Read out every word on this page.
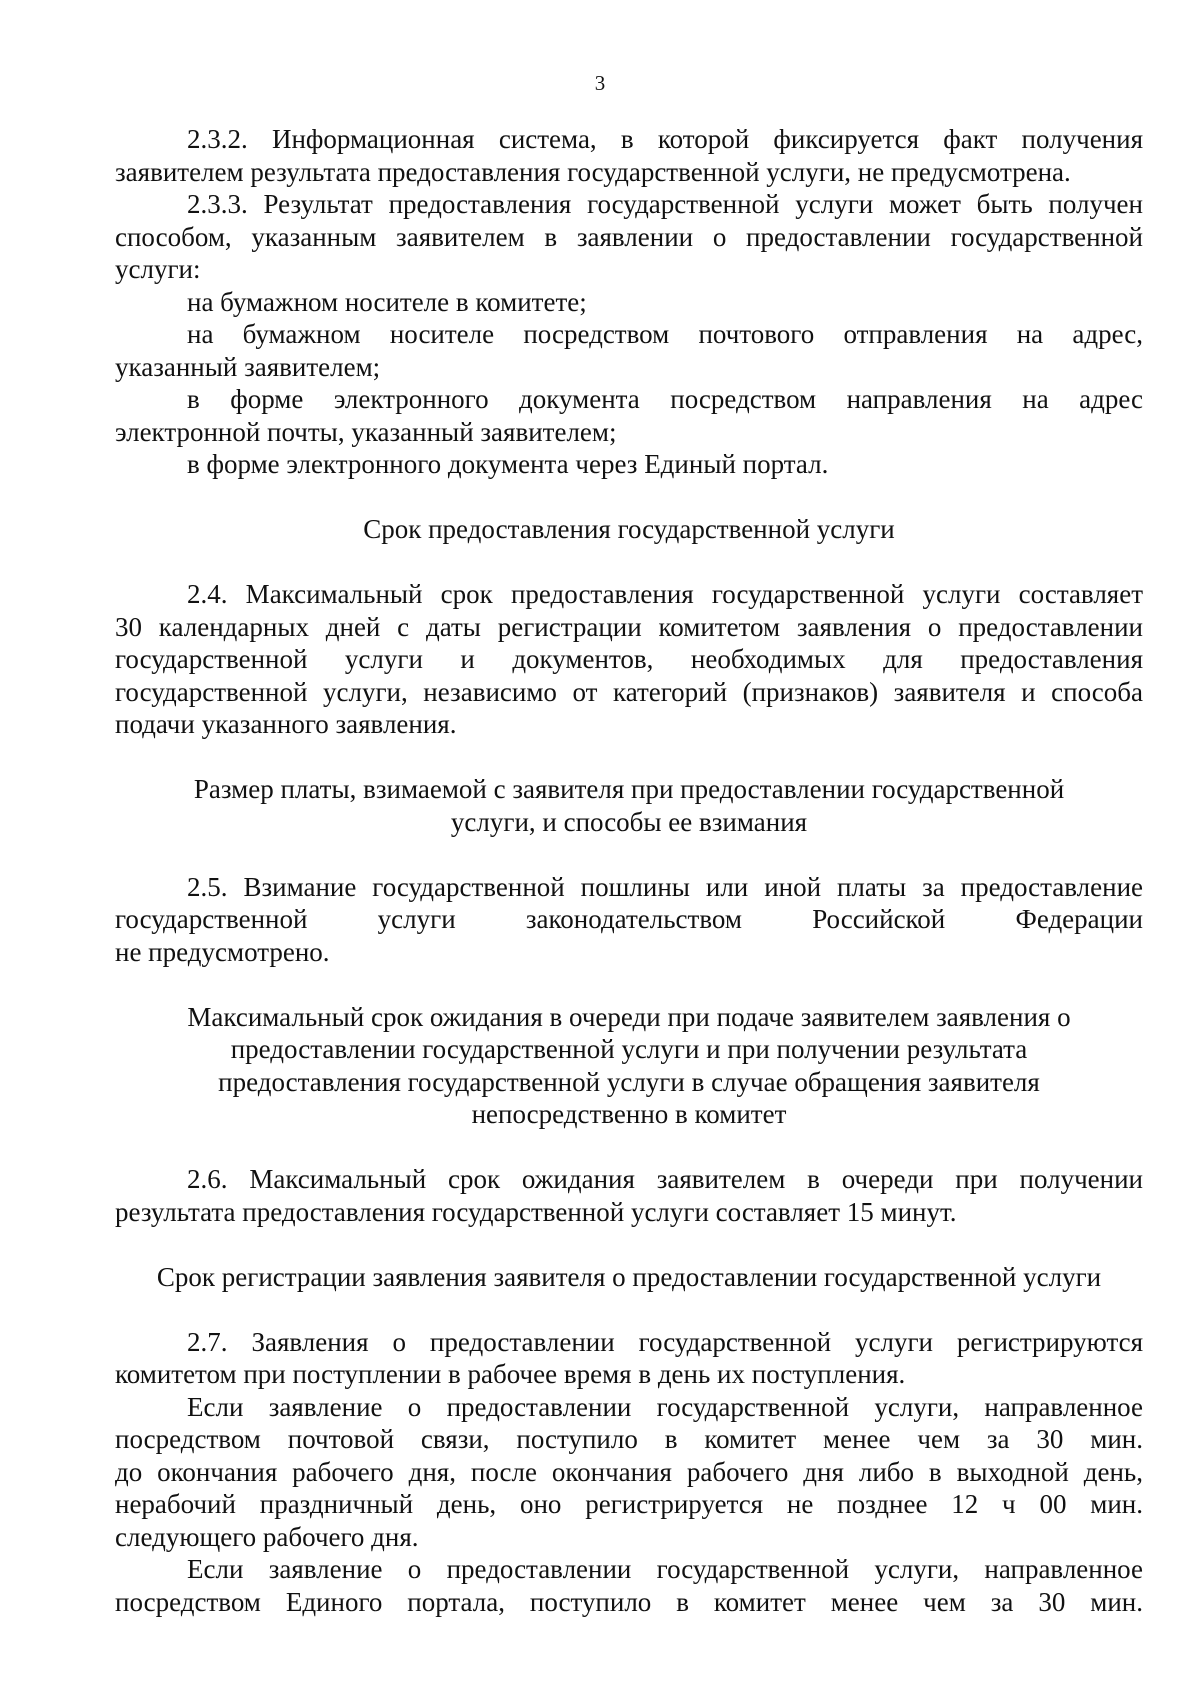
3

2.3.2. Информационная система, в которой фиксируется факт получения

заявителем результата предоставления государственной услуги, не предусмотрена.

2.3.3. Результат предоставления государственной услуги может быть получен

способом, указанным заявителем в заявлении о предоставлении государственной

услуги:

на бумажном носителе в комитете;

на бумажном носителе посредством почтового отправления на адрес,

указанный заявителем;

в форме электронного документа посредством направления на адрес

электронной почты, указанный заявителем;

в форме электронного документа через Единый портал.

Срок предоставления государственной услуги

2.4. Максимальный срок предоставления государственной услуги составляет

30 календарных дней с даты регистрации комитетом заявления о предоставлении

государственной услуги и документов, необходимых для предоставления

государственной услуги, независимо от категорий (признаков) заявителя и способа

подачи указанного заявления.

Размер платы, взимаемой с заявителя при предоставлении государственной

услуги, и способы ее взимания

2.5. Взимание государственной пошлины или иной платы за предоставление

государственной услуги законодательством Российской Федерации

не предусмотрено.

Максимальный срок ожидания в очереди при подаче заявителем заявления о

предоставлении государственной услуги и при получении результата

предоставления государственной услуги в случае обращения заявителя

непосредственно в комитет

2.6. Максимальный срок ожидания заявителем в очереди при получении

результата предоставления государственной услуги составляет 15 минут.

Срок регистрации заявления заявителя о предоставлении государственной услуги

2.7. Заявления о предоставлении государственной услуги регистрируются

комитетом при поступлении в рабочее время в день их поступления.

Если заявление о предоставлении государственной услуги, направленное

посредством почтовой связи, поступило в комитет менее чем за 30 мин.

до окончания рабочего дня, после окончания рабочего дня либо в выходной день,

нерабочий праздничный день, оно регистрируется не позднее 12 ч 00 мин.

следующего рабочего дня.

Если заявление о предоставлении государственной услуги, направленное

посредством Единого портала, поступило в комитет менее чем за 30 мин.
